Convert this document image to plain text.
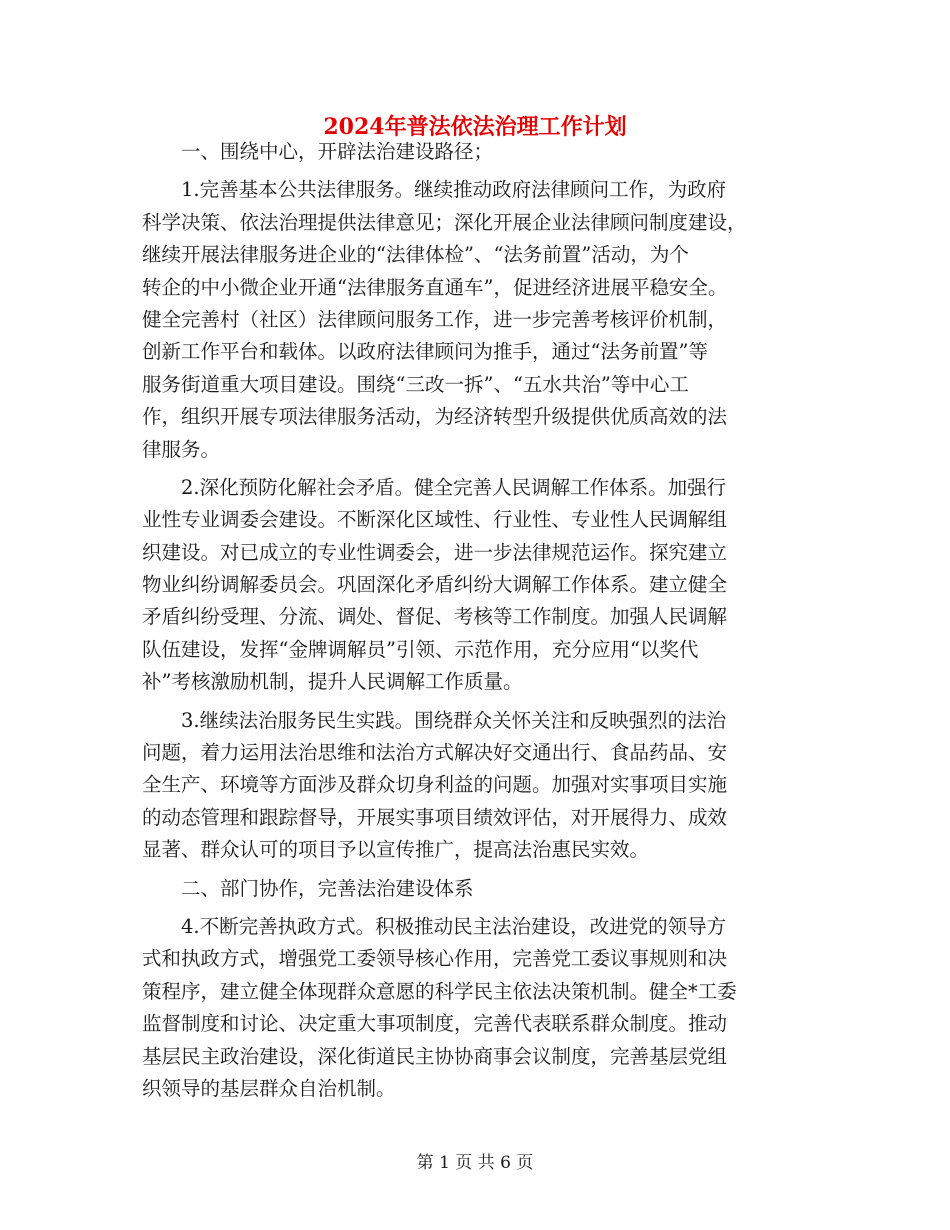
2024年普法依法治理工作计划
　　一、围绕中心，开辟法治建设路径；
　　1.完善基本公共法律服务。继续推动政府法律顾问工作，为政府
科学决策、依法治理提供法律意见；深化开展企业法律顾问制度建设，
继续开展法律服务进企业的“法律体检”、“法务前置”活动，为个
转企的中小微企业开通“法律服务直通车”，促进经济进展平稳安全。
健全完善村（社区）法律顾问服务工作，进一步完善考核评价机制，
创新工作平台和载体。以政府法律顾问为推手，通过“法务前置”等
服务街道重大项目建设。围绕“三改一拆”、“五水共治”等中心工
作，组织开展专项法律服务活动，为经济转型升级提供优质高效的法
律服务。
　　2.深化预防化解社会矛盾。健全完善人民调解工作体系。加强行
业性专业调委会建设。不断深化区域性、行业性、专业性人民调解组
织建设。对已成立的专业性调委会，进一步法律规范运作。探究建立
物业纠纷调解委员会。巩固深化矛盾纠纷大调解工作体系。建立健全
矛盾纠纷受理、分流、调处、督促、考核等工作制度。加强人民调解
队伍建设，发挥“金牌调解员”引领、示范作用，充分应用“以奖代
补”考核激励机制，提升人民调解工作质量。
　　3.继续法治服务民生实践。围绕群众关怀关注和反映强烈的法治
问题，着力运用法治思维和法治方式解决好交通出行、食品药品、安
全生产、环境等方面涉及群众切身利益的问题。加强对实事项目实施
的动态管理和跟踪督导，开展实事项目绩效评估，对开展得力、成效
显著、群众认可的项目予以宣传推广，提高法治惠民实效。
　　二、部门协作，完善法治建设体系
　　4.不断完善执政方式。积极推动民主法治建设，改进党的领导方
式和执政方式，增强党工委领导核心作用，完善党工委议事规则和决
策程序，建立健全体现群众意愿的科学民主依法决策机制。健全*工委
监督制度和讨论、决定重大事项制度，完善代表联系群众制度。推动
基层民主政治建设，深化街道民主协协商事会议制度，完善基层党组
织领导的基层群众自治机制。
第 1 页 共 6 页
